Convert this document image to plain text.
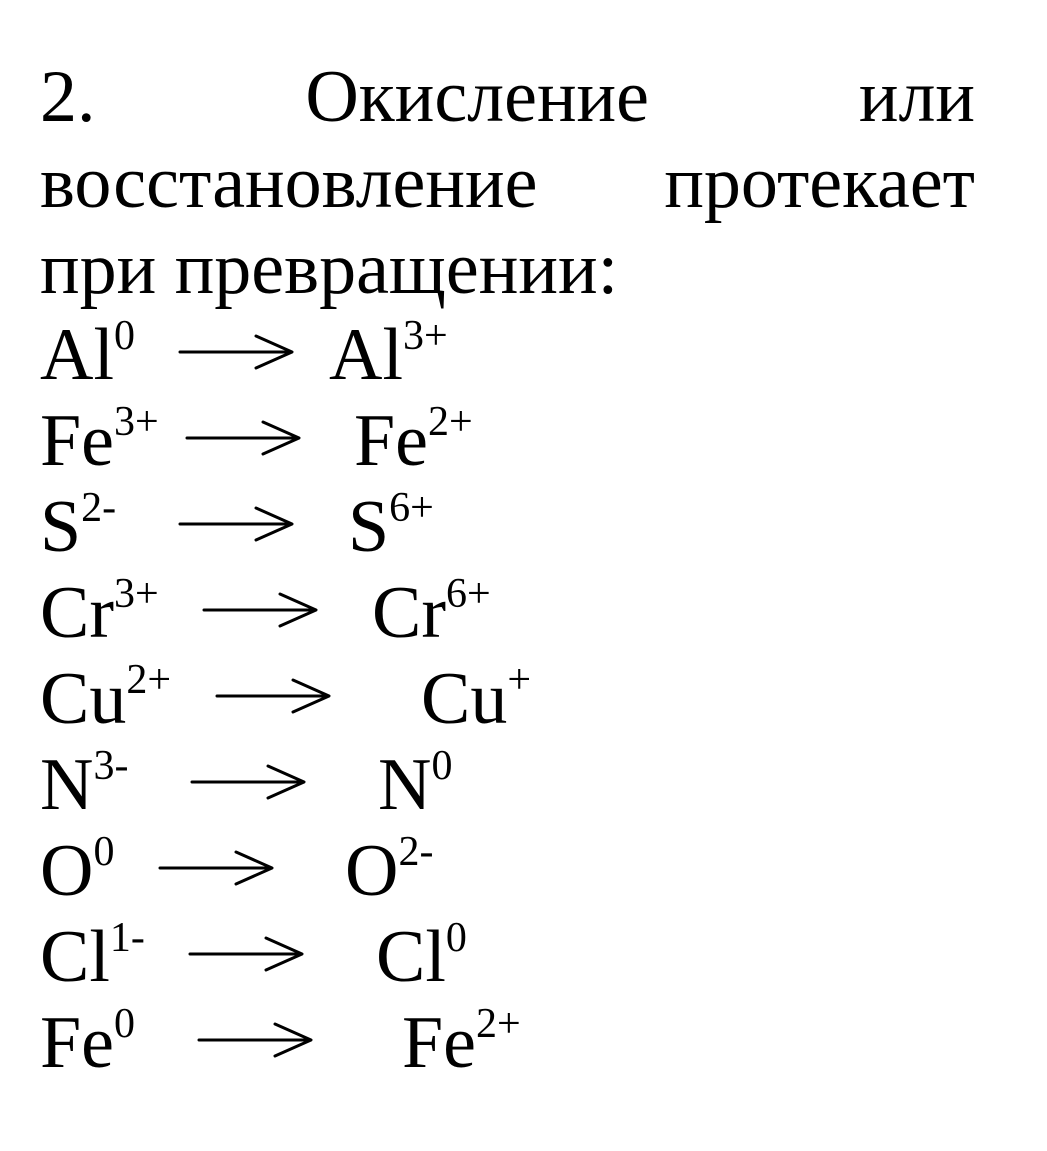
2.	Окисление	или
восстановление протекает
при превращении:
Al$^0$	$Al^{3+}$
$Fe^{3+}$	$Fe^{2+}$
$S^{2-}$	$S^{6+}$
$Cr^{3+}$	$Cr^{6+}$
$Cu^{2+}$	Cu+
$N^{3-}$	$N^0$
$O^0$	$O^{2-}$
$Cl^{1-}$	Cl$^0$
Fe$^0$	$Fe^{2+}$
